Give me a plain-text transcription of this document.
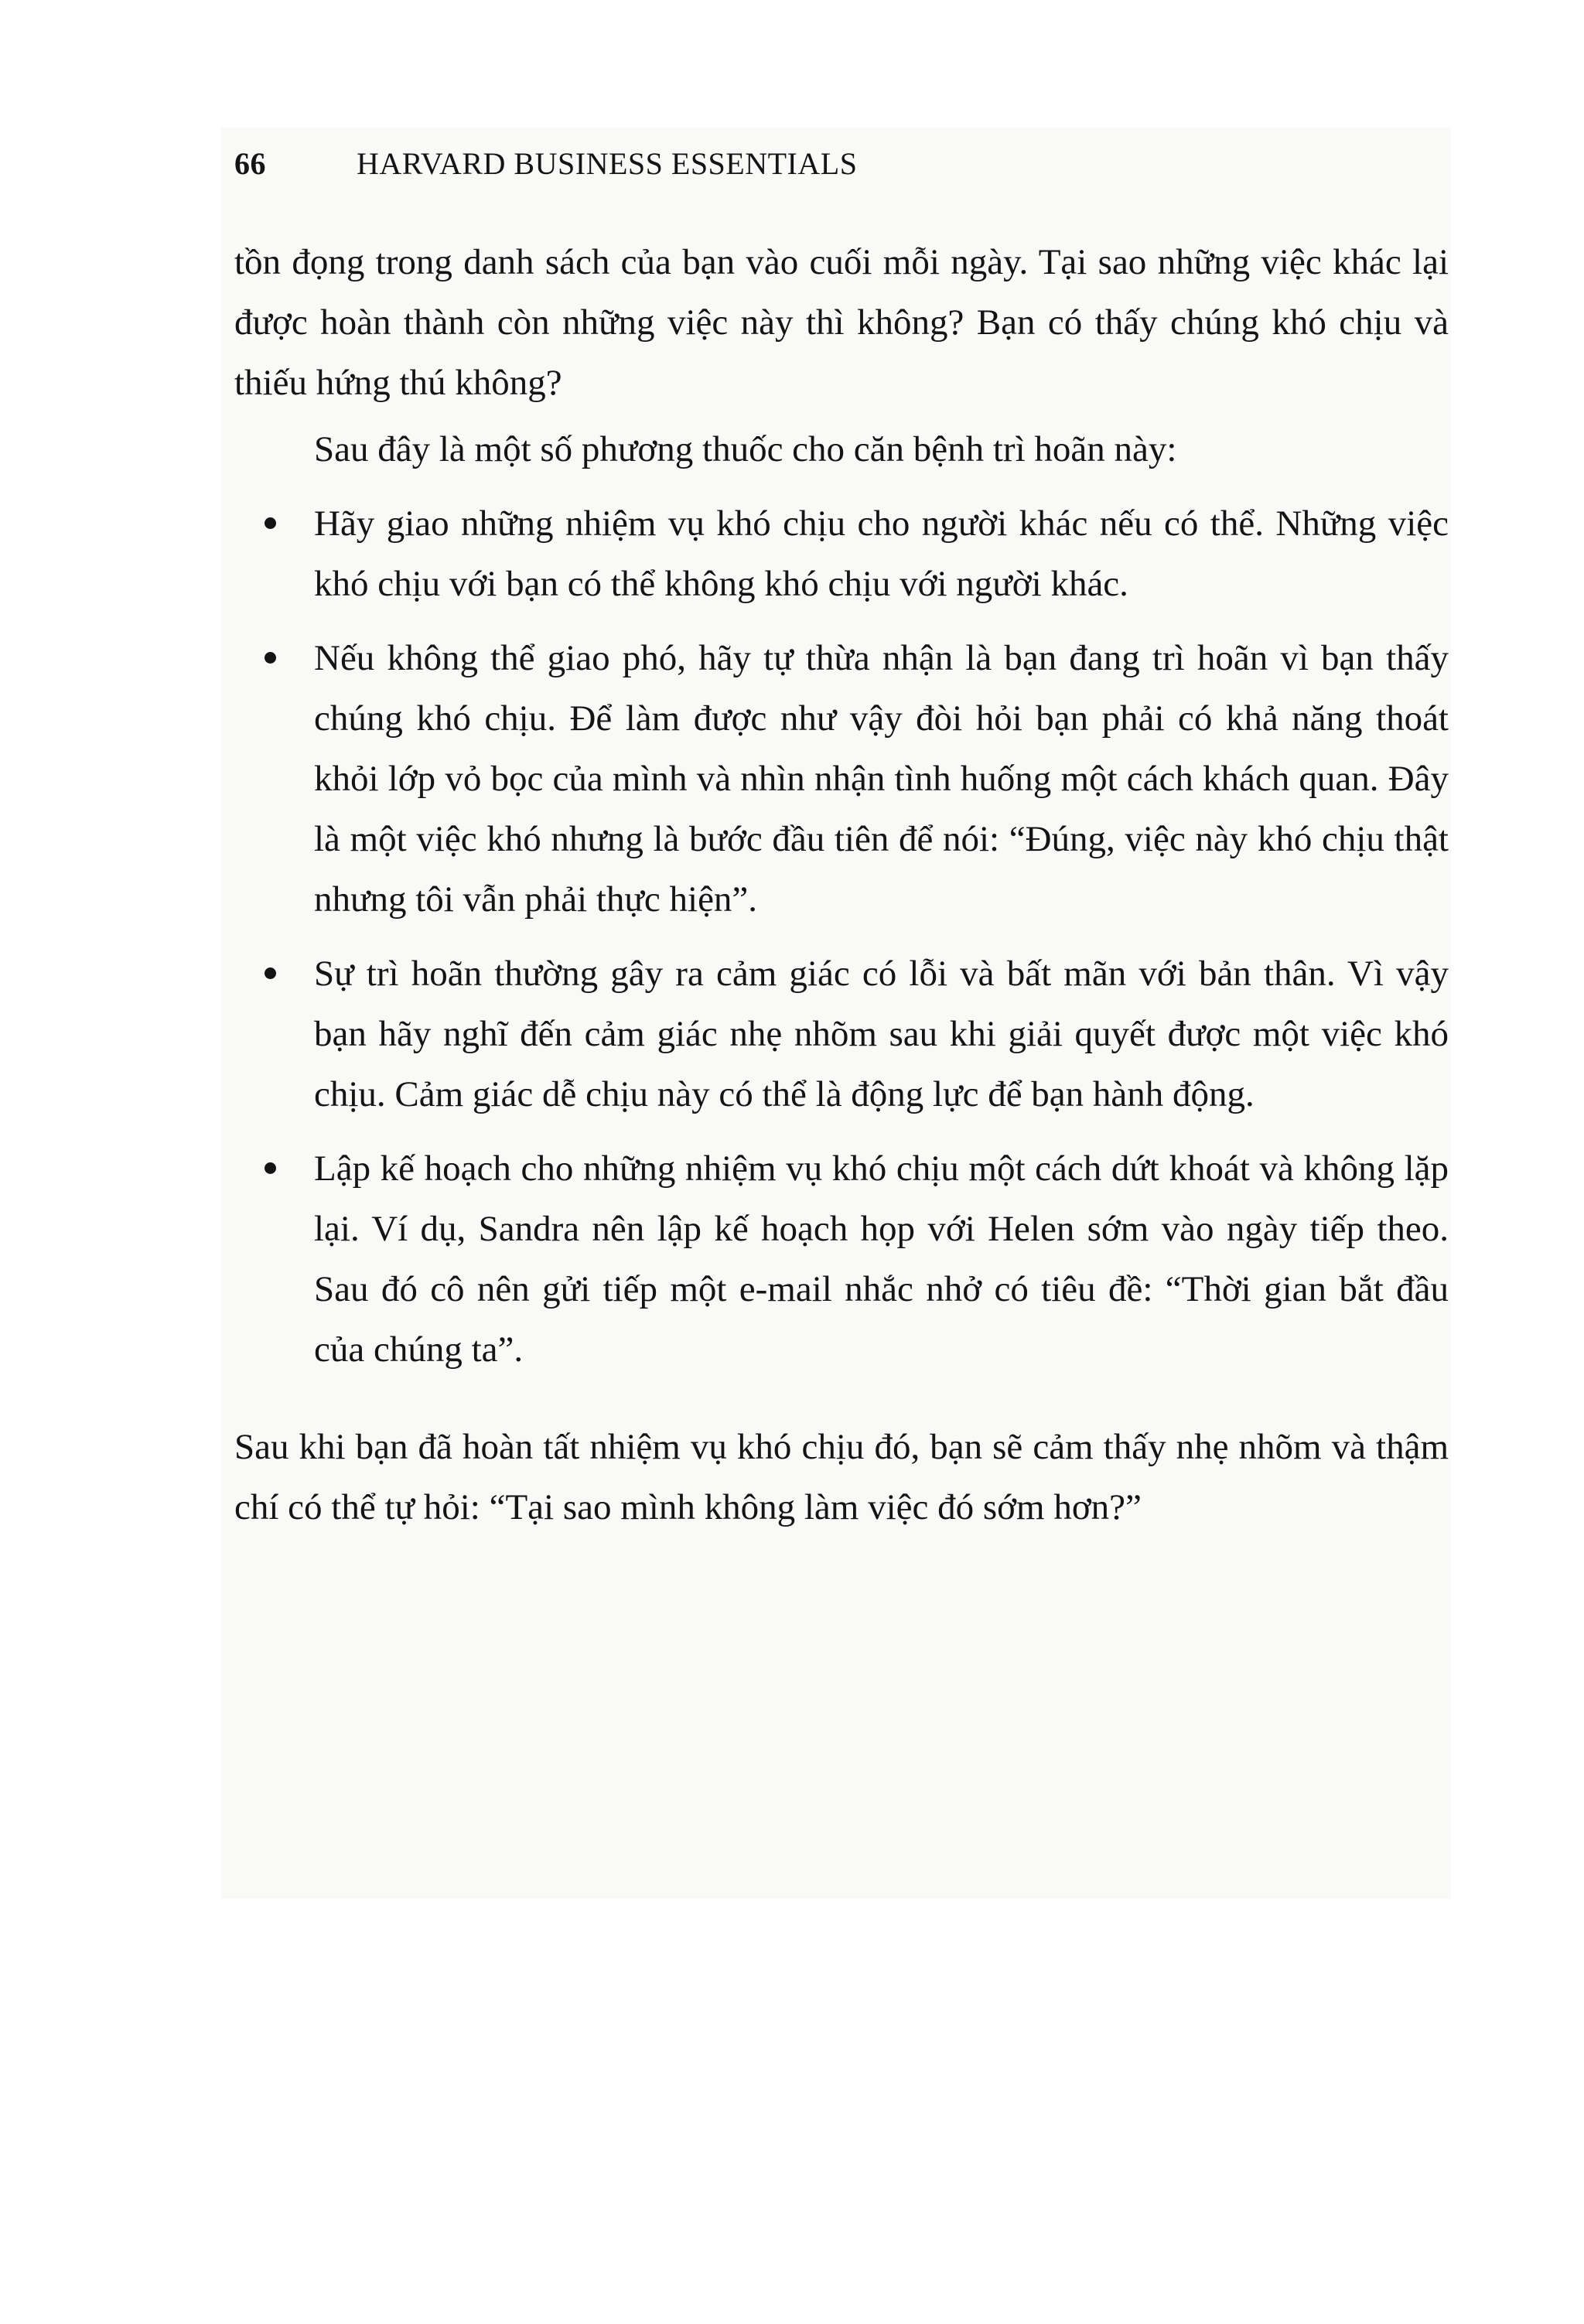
66	HARVARD BUSINESS ESSENTIALS

tồn đọng trong danh sách của bạn vào cuối mỗi ngày. Tại sao những việc khác lại được hoàn thành còn những việc này thì không? Bạn có thấy chúng khó chịu và thiếu hứng thú không?

Sau đây là một số phương thuốc cho căn bệnh trì hoãn này:

Hãy giao những nhiệm vụ khó chịu cho người khác nếu có thể. Những việc khó chịu với bạn có thể không khó chịu với người khác.
Nếu không thể giao phó, hãy tự thừa nhận là bạn đang trì hoãn vì bạn thấy chúng khó chịu. Để làm được như vậy đòi hỏi bạn phải có khả năng thoát khỏi lớp vỏ bọc của mình và nhìn nhận tình huống một cách khách quan. Đây là một việc khó nhưng là bước đầu tiên để nói: “Đúng, việc này khó chịu thật nhưng tôi vẫn phải thực hiện”.
Sự trì hoãn thường gây ra cảm giác có lỗi và bất mãn với bản thân. Vì vậy bạn hãy nghĩ đến cảm giác nhẹ nhõm sau khi giải quyết được một việc khó chịu. Cảm giác dễ chịu này có thể là động lực để bạn hành động.
Lập kế hoạch cho những nhiệm vụ khó chịu một cách dứt khoát và không lặp lại. Ví dụ, Sandra nên lập kế hoạch họp với Helen sớm vào ngày tiếp theo. Sau đó cô nên gửi tiếp một e-mail nhắc nhở có tiêu đề: “Thời gian bắt đầu của chúng ta”.

Sau khi bạn đã hoàn tất nhiệm vụ khó chịu đó, bạn sẽ cảm thấy nhẹ nhõm và thậm chí có thể tự hỏi: “Tại sao mình không làm việc đó sớm hơn?”
